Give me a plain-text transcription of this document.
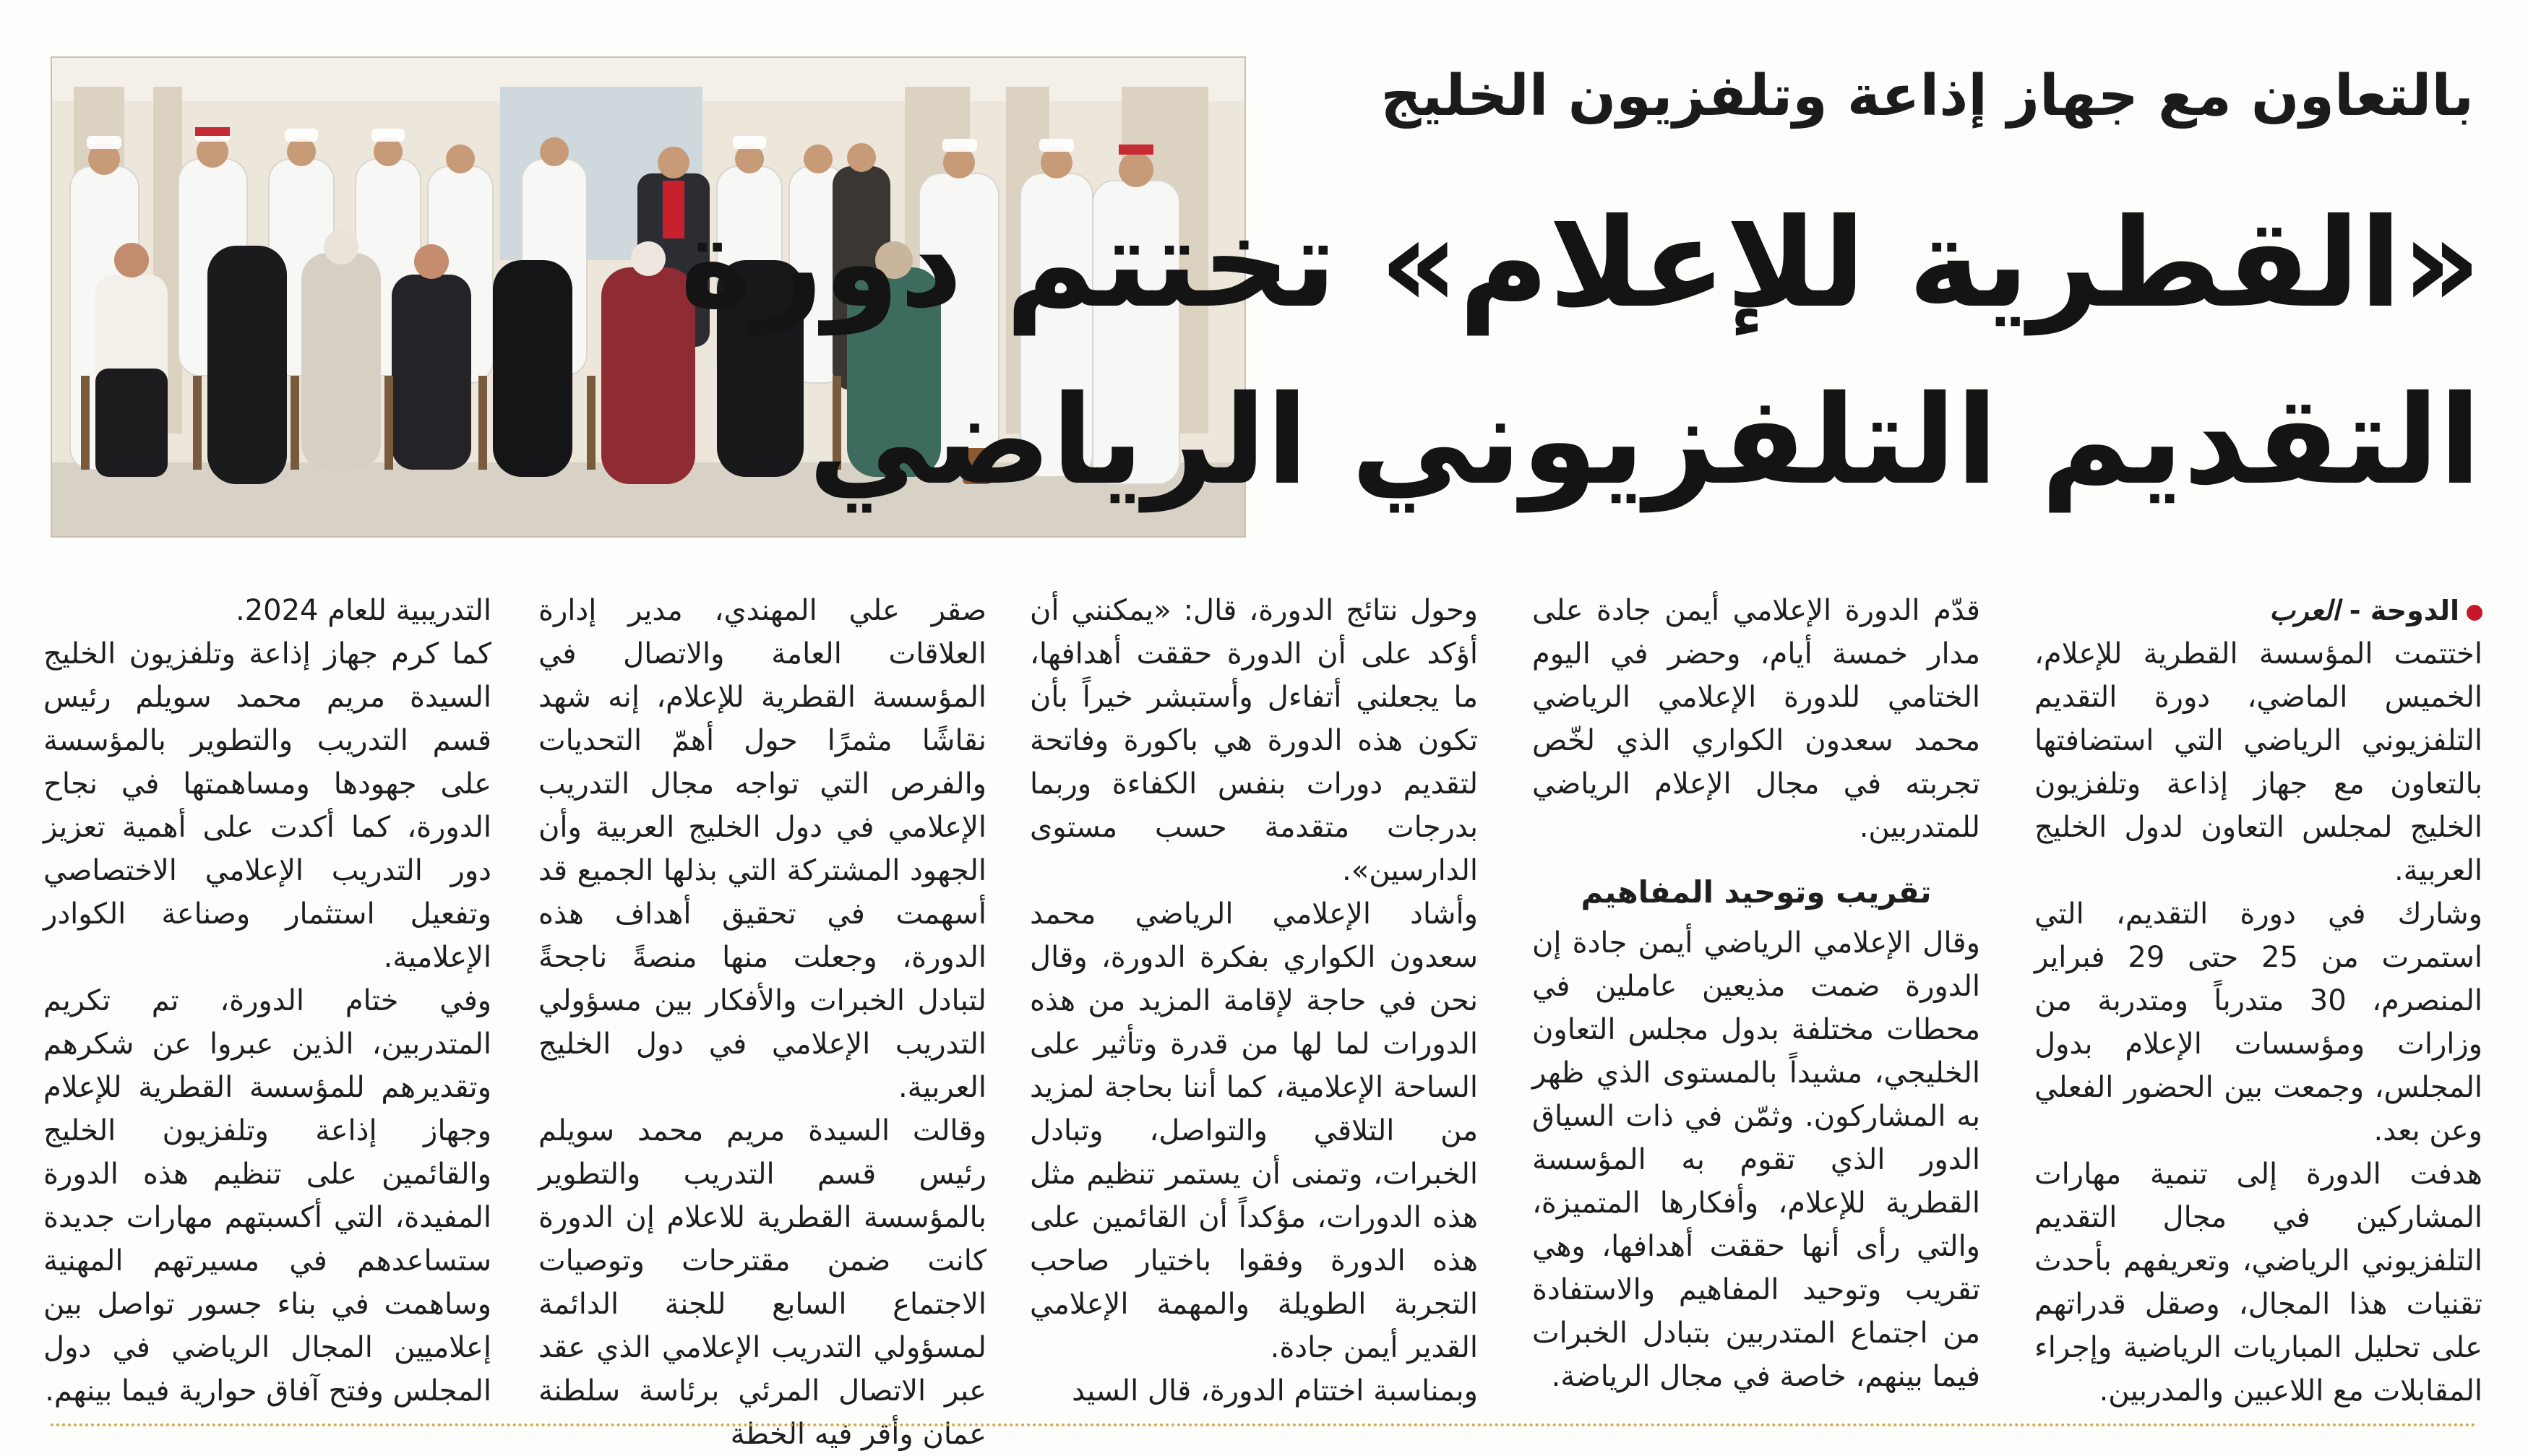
بالتعاون مع جهاز إذاعة وتلفزيون الخليج
«القطرية للإعلام» تختتم دورة
التقديم التلفزيوني الرياضي
الدوحة - العرب

اختتمت المؤسسة القطرية للإعلام، الخميس الماضي، دورة التقديم التلفزيوني الرياضي التي استضافتها بالتعاون مع جهاز إذاعة وتلفزيون الخليج لمجلس التعاون لدول الخليج العربية.

وشارك في دورة التقديم، التي استمرت من 25 حتى 29 فبراير المنصرم، 30 متدرباً ومتدربة من وزارات ومؤسسات الإعلام بدول المجلس، وجمعت بين الحضور الفعلي وعن بعد.

هدفت الدورة إلى تنمية مهارات المشاركين في مجال التقديم التلفزيوني الرياضي، وتعريفهم بأحدث تقنيات هذا المجال، وصقل قدراتهم على تحليل المباريات الرياضية وإجراء المقابلات مع اللاعبين والمدربين.

قدّم الدورة الإعلامي أيمن جادة على مدار خمسة أيام، وحضر في اليوم الختامي للدورة الإعلامي الرياضي محمد سعدون الكواري الذي لخّص تجربته في مجال الإعلام الرياضي للمتدربين.

تقريب وتوحيد المفاهيم

وقال الإعلامي الرياضي أيمن جادة إن الدورة ضمت مذيعين عاملين في محطات مختلفة بدول مجلس التعاون الخليجي، مشيداً بالمستوى الذي ظهر به المشاركون. وثمّن في ذات السياق الدور الذي تقوم به المؤسسة القطرية للإعلام، وأفكارها المتميزة، والتي رأى أنها حققت أهدافها، وهي تقريب وتوحيد المفاهيم والاستفادة من اجتماع المتدربين بتبادل الخبرات فيما بينهم، خاصة في مجال الرياضة.

وحول نتائج الدورة، قال: «يمكنني أن أؤكد على أن الدورة حققت أهدافها، ما يجعلني أتفاءل وأستبشر خيراً بأن تكون هذه الدورة هي باكورة وفاتحة لتقديم دورات بنفس الكفاءة وربما بدرجات متقدمة حسب مستوى الدارسين».

وأشاد الإعلامي الرياضي محمد سعدون الكواري بفكرة الدورة، وقال نحن في حاجة لإقامة المزيد من هذه الدورات لما لها من قدرة وتأثير على الساحة الإعلامية، كما أننا بحاجة لمزيد من التلاقي والتواصل، وتبادل الخبرات، وتمنى أن يستمر تنظيم مثل هذه الدورات، مؤكداً أن القائمين على هذه الدورة وفقوا باختيار صاحب التجربة الطويلة والمهمة الإعلامي القدير أيمن جادة.

وبمناسبة اختتام الدورة، قال السيد

صقر علي المهندي، مدير إدارة العلاقات العامة والاتصال في المؤسسة القطرية للإعلام، إنه شهد نقاشًا مثمرًا حول أهمّ التحديات والفرص التي تواجه مجال التدريب الإعلامي في دول الخليج العربية وأن الجهود المشتركة التي بذلها الجميع قد أسهمت في تحقيق أهداف هذه الدورة، وجعلت منها منصةً ناجحةً لتبادل الخبرات والأفكار بين مسؤولي التدريب الإعلامي في دول الخليج العربية.

وقالت السيدة مريم محمد سويلم رئيس قسم التدريب والتطوير بالمؤسسة القطرية للاعلام إن الدورة كانت ضمن مقترحات وتوصيات الاجتماع السابع للجنة الدائمة لمسؤولي التدريب الإعلامي الذي عقد عبر الاتصال المرئي برئاسة سلطنة عمان وأقر فيه الخطة

التدريبية للعام 2024.

كما كرم جهاز إذاعة وتلفزيون الخليج السيدة مريم محمد سويلم رئيس قسم التدريب والتطوير بالمؤسسة على جهودها ومساهمتها في نجاح الدورة، كما أكدت على أهمية تعزيز دور التدريب الإعلامي الاختصاصي وتفعيل استثمار وصناعة الكوادر الإعلامية.

وفي ختام الدورة، تم تكريم المتدربين، الذين عبروا عن شكرهم وتقديرهم للمؤسسة القطرية للإعلام وجهاز إذاعة وتلفزيون الخليج والقائمين على تنظيم هذه الدورة المفيدة، التي أكسبتهم مهارات جديدة ستساعدهم في مسيرتهم المهنية وساهمت في بناء جسور تواصل بين إعلاميين المجال الرياضي في دول المجلس وفتح آفاق حوارية فيما بينهم.
